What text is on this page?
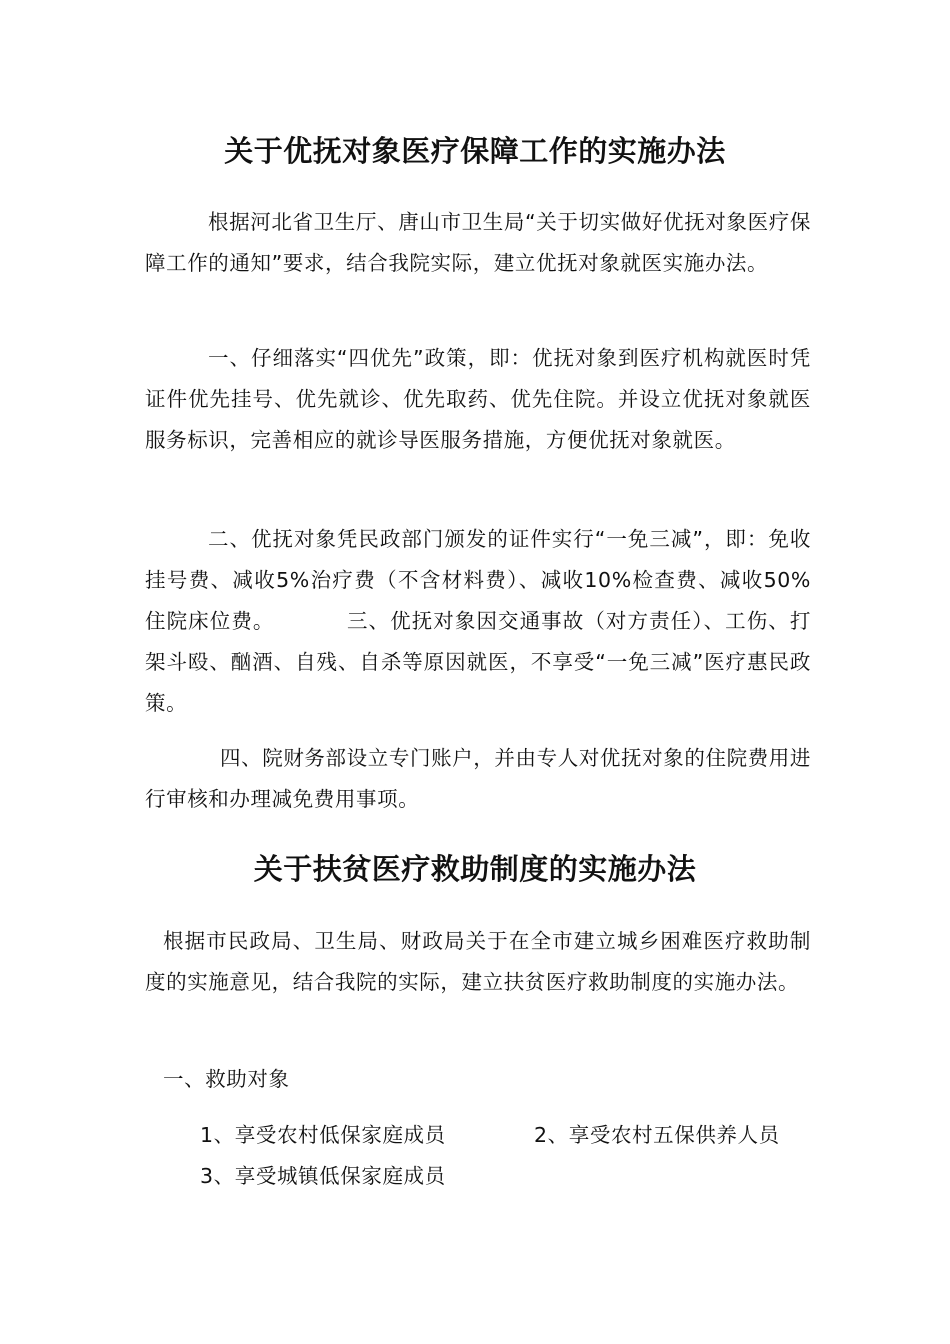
关于优抚对象医疗保障工作的实施办法

根据河北省卫生厅、唐山市卫生局“关于切实做好优抚对象医疗保障工作的通知”要求，结合我院实际，建立优抚对象就医实施办法。

一、仔细落实“四优先”政策，即：优抚对象到医疗机构就医时凭证件优先挂号、优先就诊、优先取药、优先住院。并设立优抚对象就医服务标识，完善相应的就诊导医服务措施，方便优抚对象就医。

二、优抚对象凭民政部门颁发的证件实行“一免三减”，即：免收挂号费、减收5%治疗费（不含材料费）、减收10%检查费、减收50%住院床位费。	三、优抚对象因交通事故（对方责任）、工伤、打架斗殴、酗酒、自残、自杀等原因就医，不享受“一免三减”医疗惠民政策。

四、院财务部设立专门账户，并由专人对优抚对象的住院费用进行审核和办理减免费用事项。

关于扶贫医疗救助制度的实施办法

根据市民政局、卫生局、财政局关于在全市建立城乡困难医疗救助制度的实施意见，结合我院的实际，建立扶贫医疗救助制度的实施办法。

一、救助对象

1、享受农村低保家庭成员	2、享受农村五保供养人员

3、享受城镇低保家庭成员
